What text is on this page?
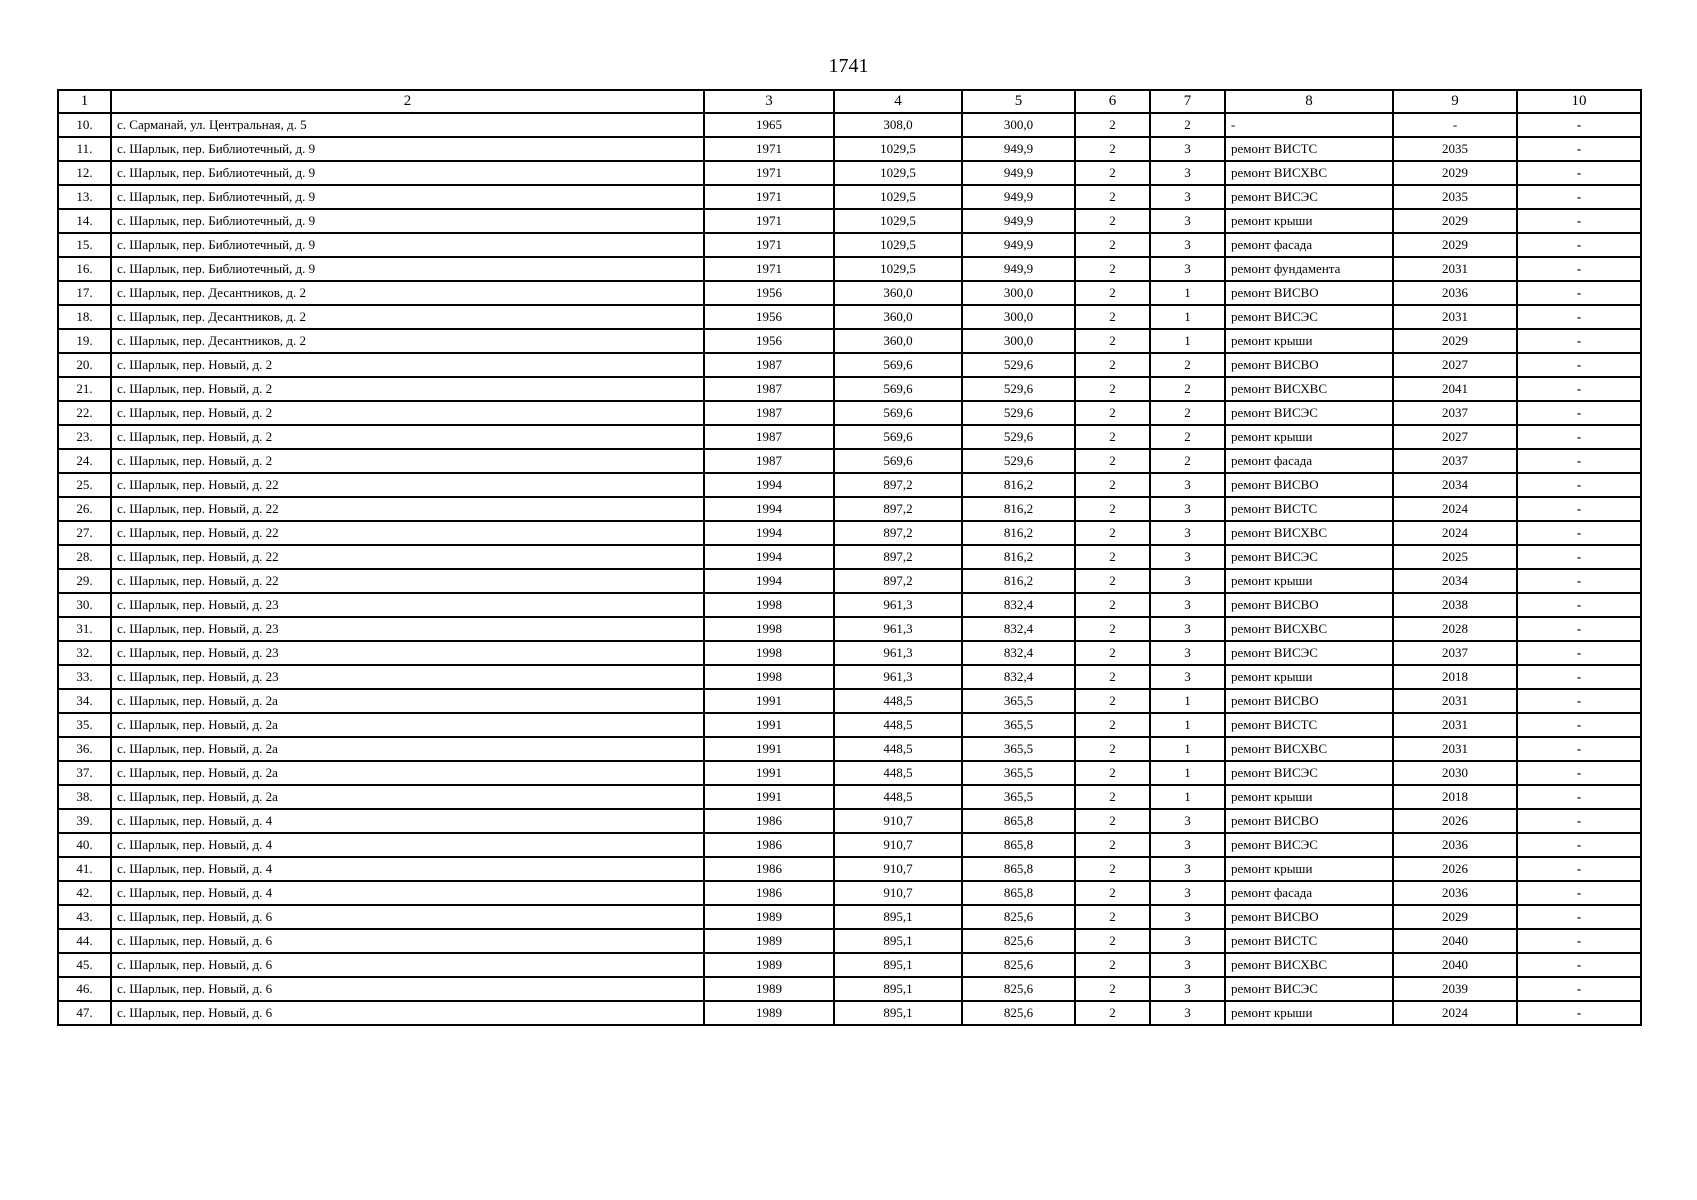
1741
1	2	3	4	5	6	7	8	9	10
10.	с. Сарманай, ул. Центральная, д. 5	1965	308,0	300,0	2	2	-	-	-
11.	с. Шарлык, пер. Библиотечный, д. 9	1971	1029,5	949,9	2	3	ремонт ВИСТС	2035	-
12.	с. Шарлык, пер. Библиотечный, д. 9	1971	1029,5	949,9	2	3	ремонт ВИСХВС	2029	-
13.	с. Шарлык, пер. Библиотечный, д. 9	1971	1029,5	949,9	2	3	ремонт ВИСЭС	2035	-
14.	с. Шарлык, пер. Библиотечный, д. 9	1971	1029,5	949,9	2	3	ремонт крыши	2029	-
15.	с. Шарлык, пер. Библиотечный, д. 9	1971	1029,5	949,9	2	3	ремонт фасада	2029	-
16.	с. Шарлык, пер. Библиотечный, д. 9	1971	1029,5	949,9	2	3	ремонт фундамента	2031	-
17.	с. Шарлык, пер. Десантников, д. 2	1956	360,0	300,0	2	1	ремонт ВИСВО	2036	-
18.	с. Шарлык, пер. Десантников, д. 2	1956	360,0	300,0	2	1	ремонт ВИСЭС	2031	-
19.	с. Шарлык, пер. Десантников, д. 2	1956	360,0	300,0	2	1	ремонт крыши	2029	-
20.	с. Шарлык, пер. Новый, д. 2	1987	569,6	529,6	2	2	ремонт ВИСВО	2027	-
21.	с. Шарлык, пер. Новый, д. 2	1987	569,6	529,6	2	2	ремонт ВИСХВС	2041	-
22.	с. Шарлык, пер. Новый, д. 2	1987	569,6	529,6	2	2	ремонт ВИСЭС	2037	-
23.	с. Шарлык, пер. Новый, д. 2	1987	569,6	529,6	2	2	ремонт крыши	2027	-
24.	с. Шарлык, пер. Новый, д. 2	1987	569,6	529,6	2	2	ремонт фасада	2037	-
25.	с. Шарлык, пер. Новый, д. 22	1994	897,2	816,2	2	3	ремонт ВИСВО	2034	-
26.	с. Шарлык, пер. Новый, д. 22	1994	897,2	816,2	2	3	ремонт ВИСТС	2024	-
27.	с. Шарлык, пер. Новый, д. 22	1994	897,2	816,2	2	3	ремонт ВИСХВС	2024	-
28.	с. Шарлык, пер. Новый, д. 22	1994	897,2	816,2	2	3	ремонт ВИСЭС	2025	-
29.	с. Шарлык, пер. Новый, д. 22	1994	897,2	816,2	2	3	ремонт крыши	2034	-
30.	с. Шарлык, пер. Новый, д. 23	1998	961,3	832,4	2	3	ремонт ВИСВО	2038	-
31.	с. Шарлык, пер. Новый, д. 23	1998	961,3	832,4	2	3	ремонт ВИСХВС	2028	-
32.	с. Шарлык, пер. Новый, д. 23	1998	961,3	832,4	2	3	ремонт ВИСЭС	2037	-
33.	с. Шарлык, пер. Новый, д. 23	1998	961,3	832,4	2	3	ремонт крыши	2018	-
34.	с. Шарлык, пер. Новый, д. 2а	1991	448,5	365,5	2	1	ремонт ВИСВО	2031	-
35.	с. Шарлык, пер. Новый, д. 2а	1991	448,5	365,5	2	1	ремонт ВИСТС	2031	-
36.	с. Шарлык, пер. Новый, д. 2а	1991	448,5	365,5	2	1	ремонт ВИСХВС	2031	-
37.	с. Шарлык, пер. Новый, д. 2а	1991	448,5	365,5	2	1	ремонт ВИСЭС	2030	-
38.	с. Шарлык, пер. Новый, д. 2а	1991	448,5	365,5	2	1	ремонт крыши	2018	-
39.	с. Шарлык, пер. Новый, д. 4	1986	910,7	865,8	2	3	ремонт ВИСВО	2026	-
40.	с. Шарлык, пер. Новый, д. 4	1986	910,7	865,8	2	3	ремонт ВИСЭС	2036	-
41.	с. Шарлык, пер. Новый, д. 4	1986	910,7	865,8	2	3	ремонт крыши	2026	-
42.	с. Шарлык, пер. Новый, д. 4	1986	910,7	865,8	2	3	ремонт фасада	2036	-
43.	с. Шарлык, пер. Новый, д. 6	1989	895,1	825,6	2	3	ремонт ВИСВО	2029	-
44.	с. Шарлык, пер. Новый, д. 6	1989	895,1	825,6	2	3	ремонт ВИСТС	2040	-
45.	с. Шарлык, пер. Новый, д. 6	1989	895,1	825,6	2	3	ремонт ВИСХВС	2040	-
46.	с. Шарлык, пер. Новый, д. 6	1989	895,1	825,6	2	3	ремонт ВИСЭС	2039	-
47.	с. Шарлык, пер. Новый, д. 6	1989	895,1	825,6	2	3	ремонт крыши	2024	-
